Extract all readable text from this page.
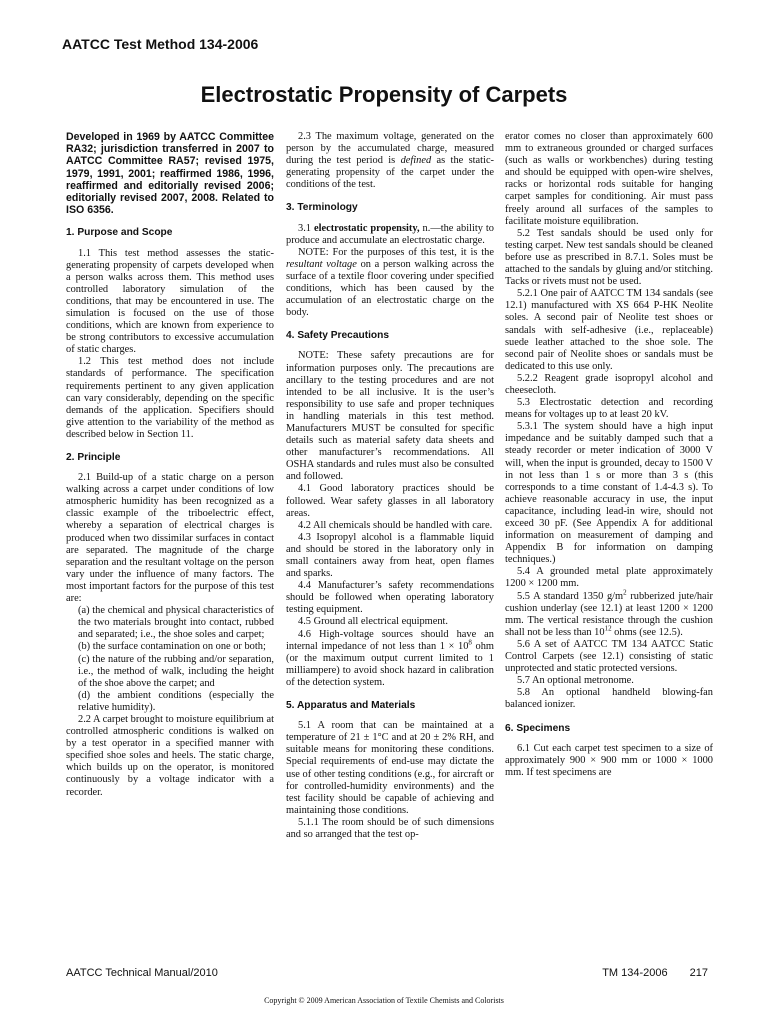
AATCC Test Method 134-2006
Electrostatic Propensity of Carpets

Developed in 1969 by AATCC Committee RA32; jurisdiction transferred in 2007 to AATCC Committee RA57; revised 1975, 1979, 1991, 2001; reaffirmed 1986, 1996, reaffirmed and editorially revised 2006; editorially revised 2007, 2008. Related to ISO 6356.

1. Purpose and Scope

1.1 This test method assesses the static-generating propensity of carpets developed when a person walks across them. This method uses controlled laboratory simulation of the conditions, that may be encountered in use. The simulation is focused on the use of those conditions, which are known from experience to be strong contributors to excessive accumulation of static charges.

1.2 This test method does not include standards of performance. The specification requirements pertinent to any given application can vary considerably, depending on the specific demands of the application. Specifiers should give attention to the variability of the method as described below in Section 11.

2. Principle

2.1 Build-up of a static charge on a person walking across a carpet under conditions of low atmospheric humidity has been recognized as a classic example of the triboelectric effect, whereby a separation of electrical charges is produced when two dissimilar surfaces in contact are separated. The magnitude of the charge separation and the resultant voltage on the person vary under the influence of many factors. The most important factors for the purpose of this test are:

(a) the chemical and physical characteristics of the two materials brought into contact, rubbed and separated; i.e., the shoe soles and carpet;

(b) the surface contamination on one or both;

(c) the nature of the rubbing and/or separation, i.e., the method of walk, including the height of the shoe above the carpet; and

(d) the ambient conditions (especially the relative humidity).

2.2 A carpet brought to moisture equilibrium at controlled atmospheric conditions is walked on by a test operator in a specified manner with specified shoe soles and heels. The static charge, which builds up on the operator, is monitored continuously by a voltage indicator with a recorder.

2.3 The maximum voltage, generated on the person by the accumulated charge, measured during the test period is defined as the static-generating propensity of the carpet under the conditions of the test.

3. Terminology

3.1 electrostatic propensity, n.—the ability to produce and accumulate an electrostatic charge.

NOTE: For the purposes of this test, it is the resultant voltage on a person walking across the surface of a textile floor covering under specified conditions, which has been caused by the accumulation of an electrostatic charge on the body.

4. Safety Precautions

NOTE: These safety precautions are for information purposes only. The precautions are ancillary to the testing procedures and are not intended to be all inclusive. It is the user’s responsibility to use safe and proper techniques in handling materials in this test method. Manufacturers MUST be consulted for specific details such as material safety data sheets and other manufacturer’s recommendations. All OSHA standards and rules must also be consulted and followed.

4.1 Good laboratory practices should be followed. Wear safety glasses in all laboratory areas.

4.2 All chemicals should be handled with care.

4.3 Isopropyl alcohol is a flammable liquid and should be stored in the laboratory only in small containers away from heat, open flames and sparks.

4.4 Manufacturer’s safety recommendations should be followed when operating laboratory testing equipment.

4.5 Ground all electrical equipment.

4.6 High-voltage sources should have an internal impedance of not less than $1 \times 10^8$ ohm (or the maximum output current limited to 1 milliampere) to avoid shock hazard in calibration of the detection system.

5. Apparatus and Materials

5.1 A room that can be maintained at a temperature of 21 ± 1°C and at 20 ± 2% RH, and suitable means for monitoring these conditions. Special requirements of end-use may dictate the use of other testing conditions (e.g., for aircraft or for controlled-humidity environments) and the test facility should be capable of achieving and maintaining those conditions.

5.1.1 The room should be of such dimensions and so arranged that the test op-

erator comes no closer than approximately 600 mm to extraneous grounded or charged surfaces (such as walls or workbenches) during testing and should be equipped with open-wire shelves, racks or horizontal rods suitable for hanging carpet samples for conditioning. Air must pass freely around all surfaces of the samples to facilitate moisture equilibration.

5.2 Test sandals should be used only for testing carpet. New test sandals should be cleaned before use as prescribed in 8.7.1. Soles must be attached to the sandals by gluing and/or stitching. Tacks or rivets must not be used.

5.2.1 One pair of AATCC TM 134 sandals (see 12.1) manufactured with XS 664 P-HK Neolite soles. A second pair of Neolite test shoes or sandals with self-adhesive (i.e., replaceable) suede leather attached to the shoe sole. The second pair of Neolite shoes or sandals must be dedicated to this use only.

5.2.2 Reagent grade isopropyl alcohol and cheesecloth.

5.3 Electrostatic detection and recording means for voltages up to at least 20 kV.

5.3.1 The system should have a high input impedance and be suitably damped such that a steady recorder or meter indication of 3000 V will, when the input is grounded, decay to 1500 V in not less than 1 s or more than 3 s (this corresponds to a time constant of 1.4-4.3 s). To achieve reasonable accuracy in use, the input capacitance, including lead-in wire, should not exceed 30 pF. (See Appendix A for additional information on measurement of damping and Appendix B for information on damping techniques.)

5.4 A grounded metal plate approximately 1200 × 1200 mm.

5.5 A standard 1350 $g/m^2$ rubberized jute/hair cushion underlay (see 12.1) at least 1200 × 1200 mm. The vertical resistance through the cushion shall not be less than $10^{12}$ ohms (see 12.5).

5.6 A set of AATCC TM 134 AATCC Static Control Carpets (see 12.1) consisting of static unprotected and static protected versions.

5.7 An optional metronome.

5.8 An optional handheld blowing-fan balanced ionizer.

6. Specimens

6.1 Cut each carpet test specimen to a size of approximately 900 × 900 mm or 1000 × 1000 mm. If test specimens are

AATCC Technical Manual/2010	TM 134-2006 217
Copyright © 2009 American Association of Textile Chemists and Colorists
